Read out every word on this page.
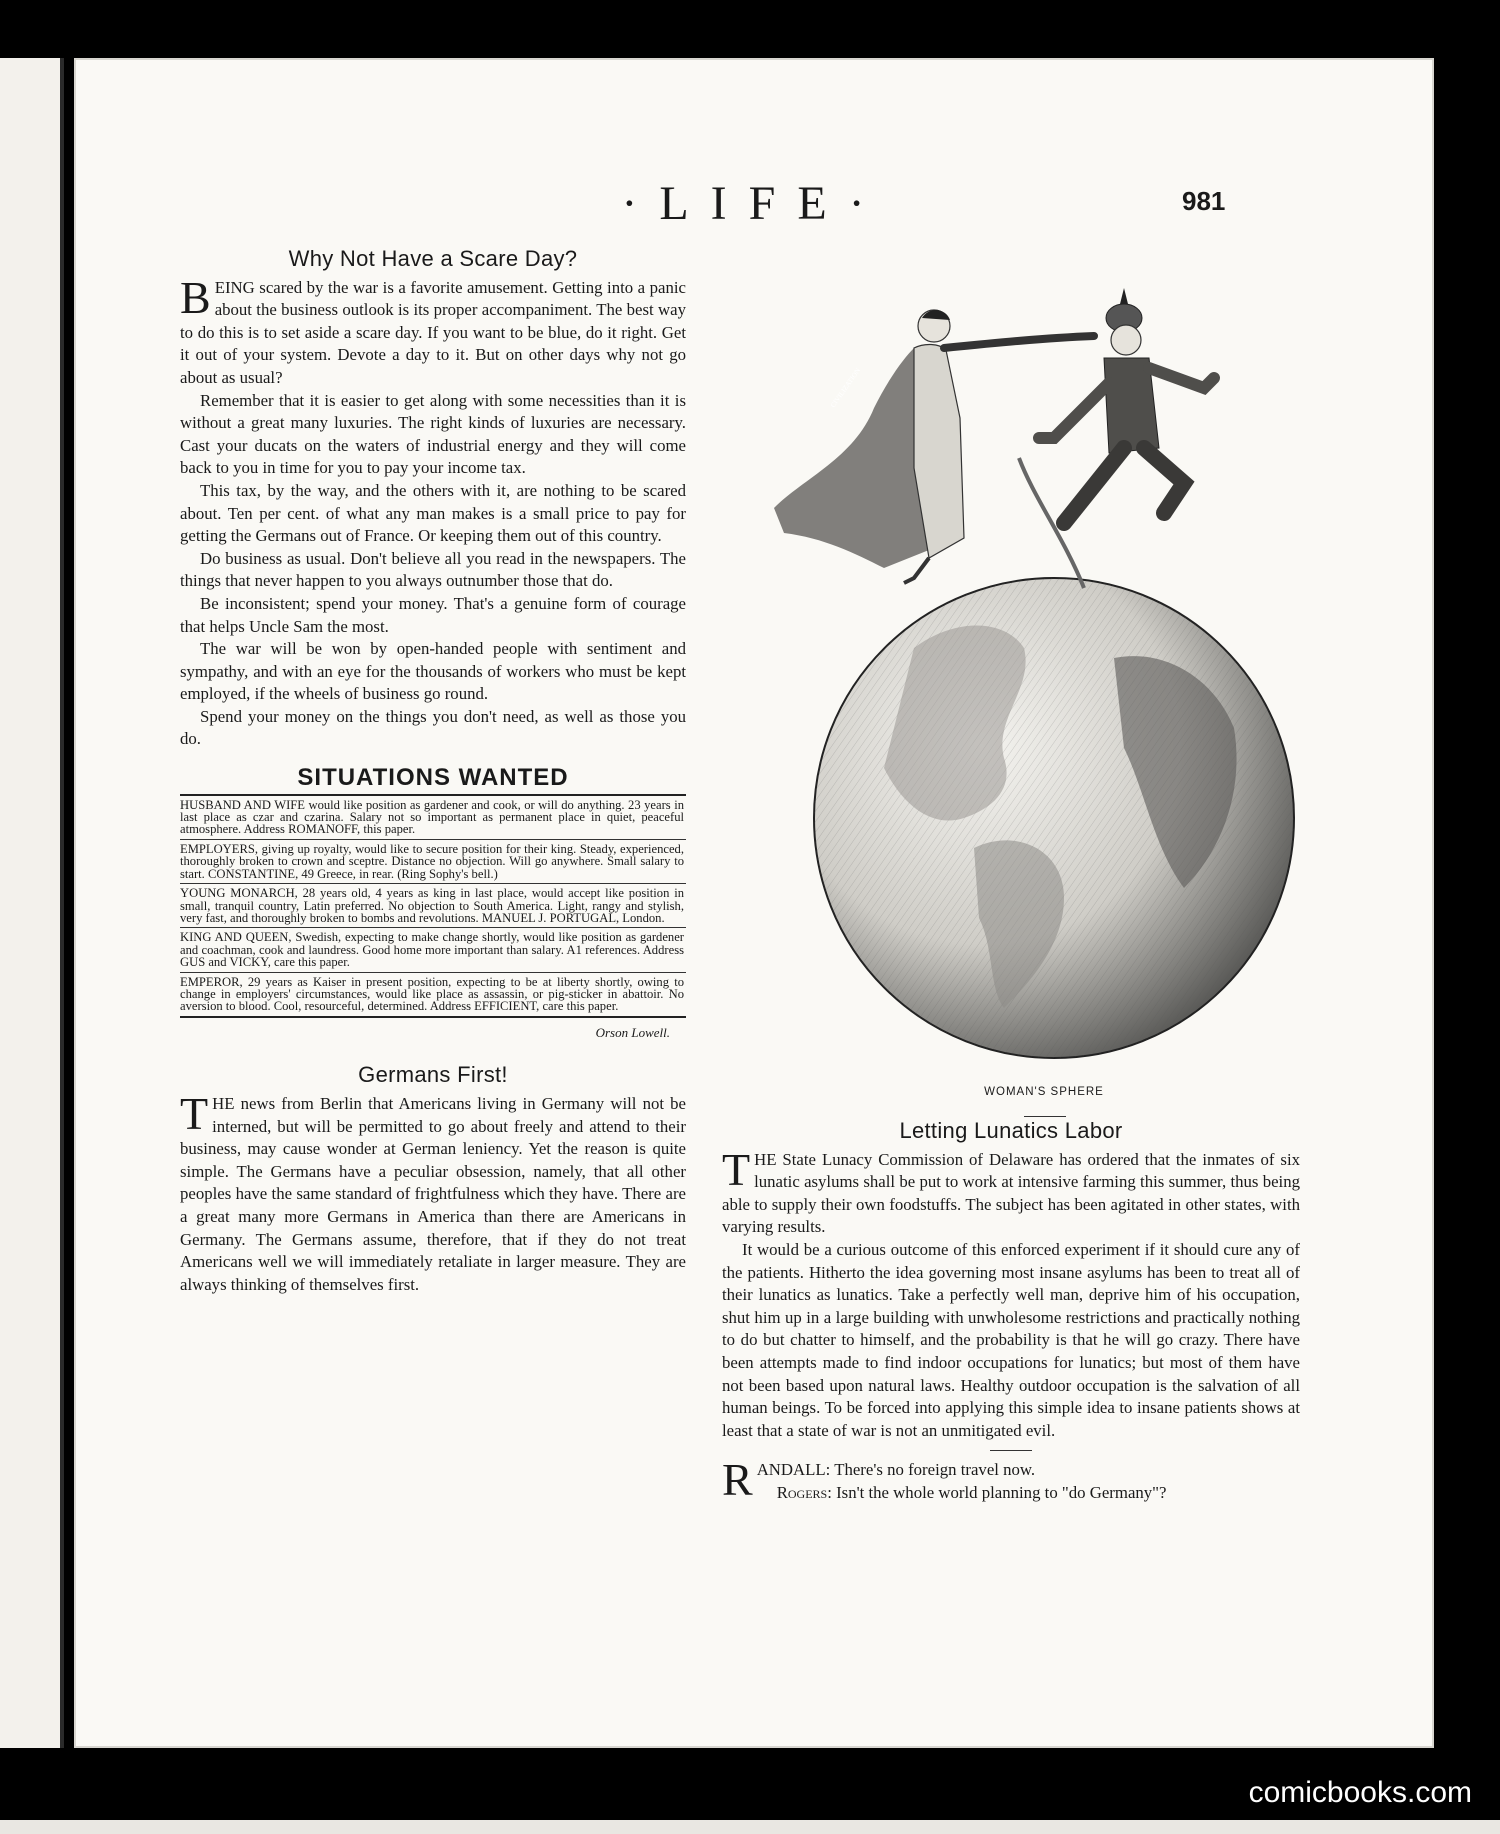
·LIFE·	981
Why Not Have a Scare Day?

BEING scared by the war is a favorite amusement. Getting into a panic about the business outlook is its proper accompaniment. The best way to do this is to set aside a scare day. If you want to be blue, do it right. Get it out of your system. Devote a day to it. But on other days why not go about as usual?

Remember that it is easier to get along with some necessities than it is without a great many luxuries. The right kinds of luxuries are necessary. Cast your ducats on the waters of industrial energy and they will come back to you in time for you to pay your income tax.

This tax, by the way, and the others with it, are nothing to be scared about. Ten per cent. of what any man makes is a small price to pay for getting the Germans out of France. Or keeping them out of this country.

Do business as usual. Don't believe all you read in the newspapers. The things that never happen to you always outnumber those that do.

Be inconsistent; spend your money. That's a genuine form of courage that helps Uncle Sam the most.

The war will be won by open-handed people with sentiment and sympathy, and with an eye for the thousands of workers who must be kept employed, if the wheels of business go round.

Spend your money on the things you don't need, as well as those you do.

SITUATIONS WANTED
HUSBAND AND WIFE would like position as gardener and cook, or will do anything. 23 years in last place as czar and czarina. Salary not so important as permanent place in quiet, peaceful atmosphere. Address ROMANOFF, this paper.
EMPLOYERS, giving up royalty, would like to secure position for their king. Steady, experienced, thoroughly broken to crown and sceptre. Distance no objection. Will go anywhere. Small salary to start. CONSTANTINE, 49 Greece, in rear. (Ring Sophy's bell.)
YOUNG MONARCH, 28 years old, 4 years as king in last place, would accept like position in small, tranquil country, Latin preferred. No objection to South America. Light, rangy and stylish, very fast, and thoroughly broken to bombs and revolutions. MANUEL J. PORTUGAL, London.
KING AND QUEEN, Swedish, expecting to make change shortly, would like position as gardener and coachman, cook and laundress. Good home more important than salary. A1 references. Address GUS and VICKY, care this paper.
EMPEROR, 29 years as Kaiser in present position, expecting to be at liberty shortly, owing to change in employers' circumstances, would like place as assassin, or pig-sticker in abattoir. No aversion to blood. Cool, resourceful, determined. Address EFFICIENT, care this paper.
Orson Lowell.
Germans First!

THE news from Berlin that Americans living in Germany will not be interned, but will be permitted to go about freely and attend to their business, may cause wonder at German leniency. Yet the reason is quite simple. The Germans have a peculiar obsession, namely, that all other peoples have the same standard of frightfulness which they have. There are a great many more Germans in America than there are Americans in Germany. The Germans assume, therefore, that if they do not treat Americans well we will immediately retaliate in larger measure. They are always thinking of themselves first.

CIVILIZATION
WOMAN'S SPHERE
Letting Lunatics Labor

THE State Lunacy Commission of Delaware has ordered that the inmates of six lunatic asylums shall be put to work at intensive farming this summer, thus being able to supply their own foodstuffs. The subject has been agitated in other states, with varying results.

It would be a curious outcome of this enforced experiment if it should cure any of the patients. Hitherto the idea governing most insane asylums has been to treat all of their lunatics as lunatics. Take a perfectly well man, deprive him of his occupation, shut him up in a large building with unwholesome restrictions and practically nothing to do but chatter to himself, and the probability is that he will go crazy. There have been attempts made to find indoor occupations for lunatics; but most of them have not been based upon natural laws. Healthy outdoor occupation is the salvation of all human beings. To be forced into applying this simple idea to insane patients shows at least that a state of war is not an unmitigated evil.

RANDALL: There's no foreign travel now.

Rogers: Isn't the whole world planning to "do Germany"?

comicbooks.com
